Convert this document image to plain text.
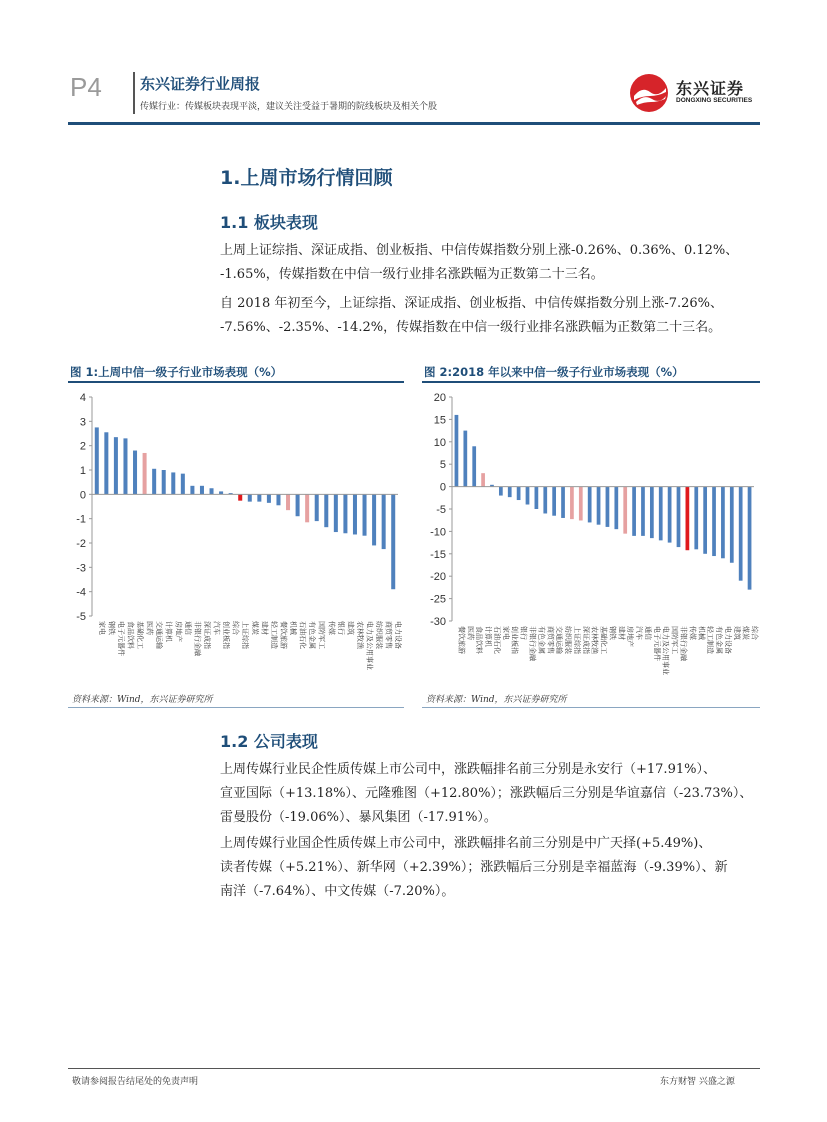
P4	东兴证券行业周报
传媒行业：传媒板块表现平淡，建议关注受益于暑期的院线板块及相关个股
东兴证券
DONGXING SECURITIES
1.上周市场行情回顾
1.1 板块表现
上周上证综指、深证成指、创业板指、中信传媒指数分别上涨-0.26%、0.36%、0.12%、
-1.65%，传媒指数在中信一级行业排名涨跌幅为正数第二十三名。
自 2018 年初至今，上证综指、深证成指、创业板指、中信传媒指数分别上涨-7.26%、
-7.56%、-2.35%、-14.2%，传媒指数在中信一级行业排名涨跌幅为正数第二十三名。
图 1:上周中信一级子行业市场表现（%）	图 2:2018 年以来中信一级子行业市场表现（%）
4
3
2
1
0
-1
-2
-3
-4
-5
家电 钢铁 电子元器件 食品饮料 基础化工 医药 交通运输 计算机 房地产 通信 非银行金融 深证成指 汽车 创业板指 综合 上证综指 煤炭 建材 轻工制造 餐饮旅游 机械 石油石化 有色金属 国防军工 传媒 银行 建筑 农林牧渔 电力及公用事业 纺织服装 商贸零售 电力设备
20
15
10
5
0
-5
-10
-15
-20
-25
-30
餐饮旅游 医药 食品饮料 计算机 石油石化 家电 创业板指 银行 非银行金融 有色金属 商贸零售 交通运输 纺织服装 上证综指 深证成指 农林牧渔 基础化工 钢铁 建材 房地产 汽车 通信 电子元器件 电力及公用事业 国防军工 非银行金融 传媒 机械 轻工制造 有色金属 电力设备 建筑 煤炭 综合
资料来源：Wind，东兴证券研究所	资料来源：Wind，东兴证券研究所
1.2 公司表现
上周传媒行业民企性质传媒上市公司中，涨跌幅排名前三分别是永安行（+17.91%）、
宣亚国际（+13.18%）、元隆雅图（+12.80%）；涨跌幅后三分别是华谊嘉信（-23.73%）、
雷曼股份（-19.06%）、暴风集团（-17.91%）。
上周传媒行业国企性质传媒上市公司中，涨跌幅排名前三分别是中广天择(+5.49%)、
读者传媒（+5.21%）、新华网（+2.39%）；涨跌幅后三分别是幸福蓝海（-9.39%）、新
南洋（-7.64%）、中文传媒（-7.20%）。
敬请参阅报告结尾处的免责声明	东方财智 兴盛之源
